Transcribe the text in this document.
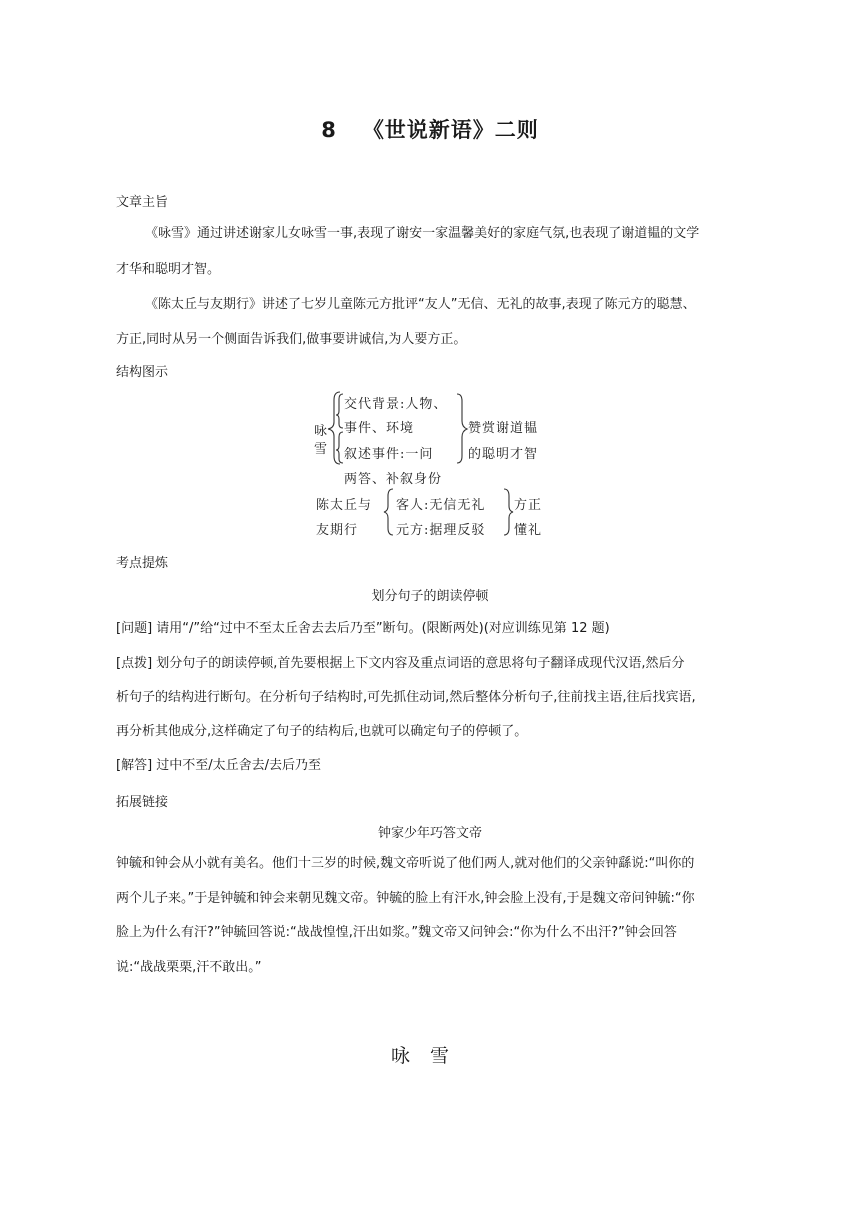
8 《世说新语》二则
文章主旨
《咏雪》通过讲述谢家儿女咏雪一事,表现了谢安一家温馨美好的家庭气氛,也表现了谢道韫的文学
才华和聪明才智。
《陈太丘与友期行》讲述了七岁儿童陈元方批评“友人”无信、无礼的故事,表现了陈元方的聪慧、
方正,同时从另一个侧面告诉我们,做事要讲诚信,为人要方正。
结构图示
咏
雪
交代背景:人物、
事件、环境
叙述事件:一问
两答、补叙身份
赞赏谢道韫
的聪明才智
陈太丘与
友期行
客人:无信无礼
元方:据理反驳
方正
懂礼
考点提炼
划分句子的朗读停顿
[问题] 请用“/”给“过中不至太丘舍去去后乃至”断句。(限断两处)(对应训练见第 12 题)
[点拨] 划分句子的朗读停顿,首先要根据上下文内容及重点词语的意思将句子翻译成现代汉语,然后分
析句子的结构进行断句。在分析句子结构时,可先抓住动词,然后整体分析句子,往前找主语,往后找宾语,
再分析其他成分,这样确定了句子的结构后,也就可以确定句子的停顿了。
[解答] 过中不至/太丘舍去/去后乃至
拓展链接
钟家少年巧答文帝
钟毓和钟会从小就有美名。他们十三岁的时候,魏文帝听说了他们两人,就对他们的父亲钟繇说:“叫你的
两个儿子来。”于是钟毓和钟会来朝见魏文帝。钟毓的脸上有汗水,钟会脸上没有,于是魏文帝问钟毓:“你
脸上为什么有汗?”钟毓回答说:“战战惶惶,汗出如浆。”魏文帝又问钟会:“你为什么不出汗?”钟会回答
说:“战战栗栗,汗不敢出。”
咏雪
